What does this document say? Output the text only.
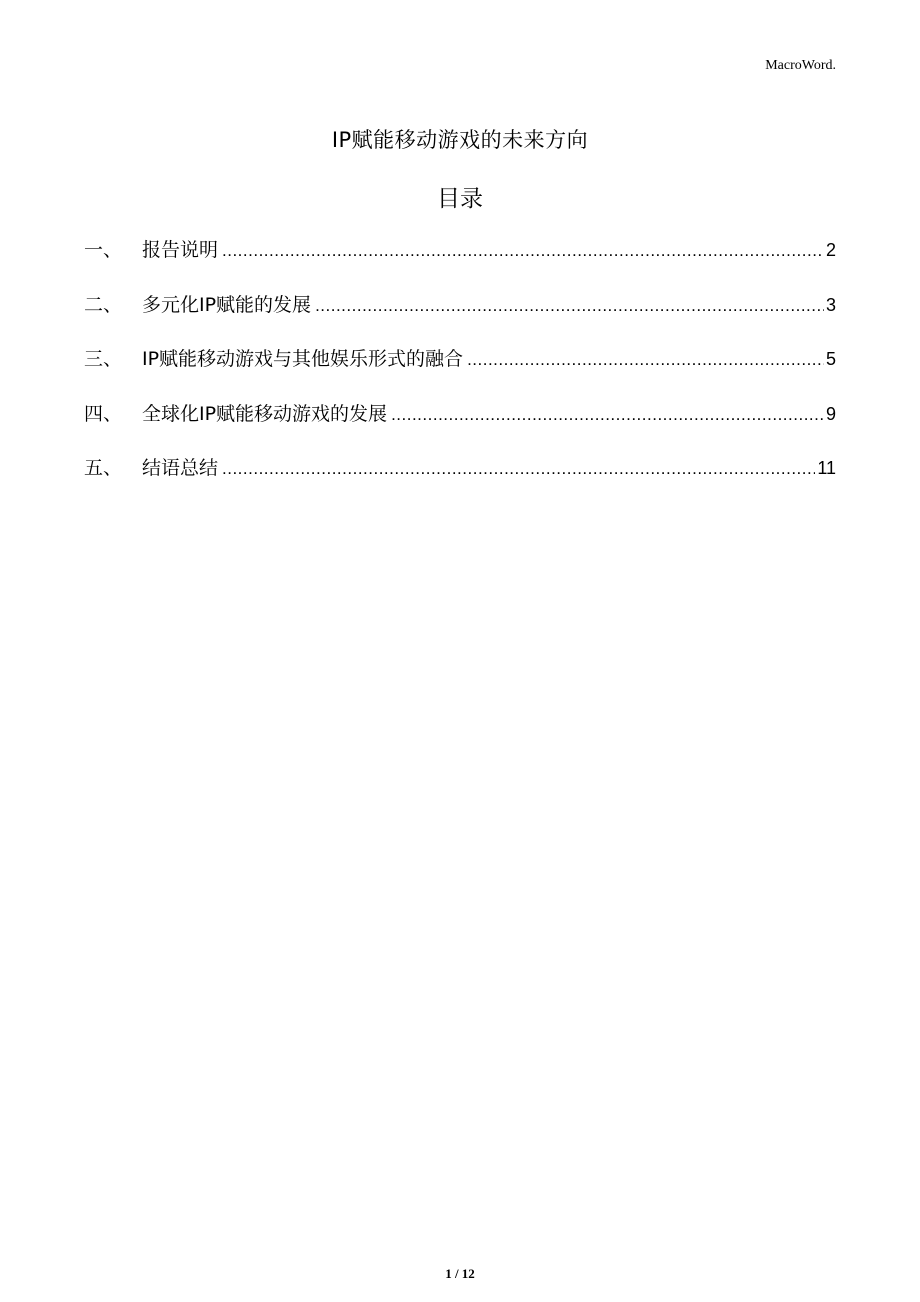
MacroWord.
IP赋能移动游戏的未来方向
目录
一、	报告说明 .....	2
二、	多元化IP赋能的发展 .....	3
三、	IP赋能移动游戏与其他娱乐形式的融合 .....	5
四、	全球化IP赋能移动游戏的发展 .....	9
五、	结语总结 .....	11
1 / 12
